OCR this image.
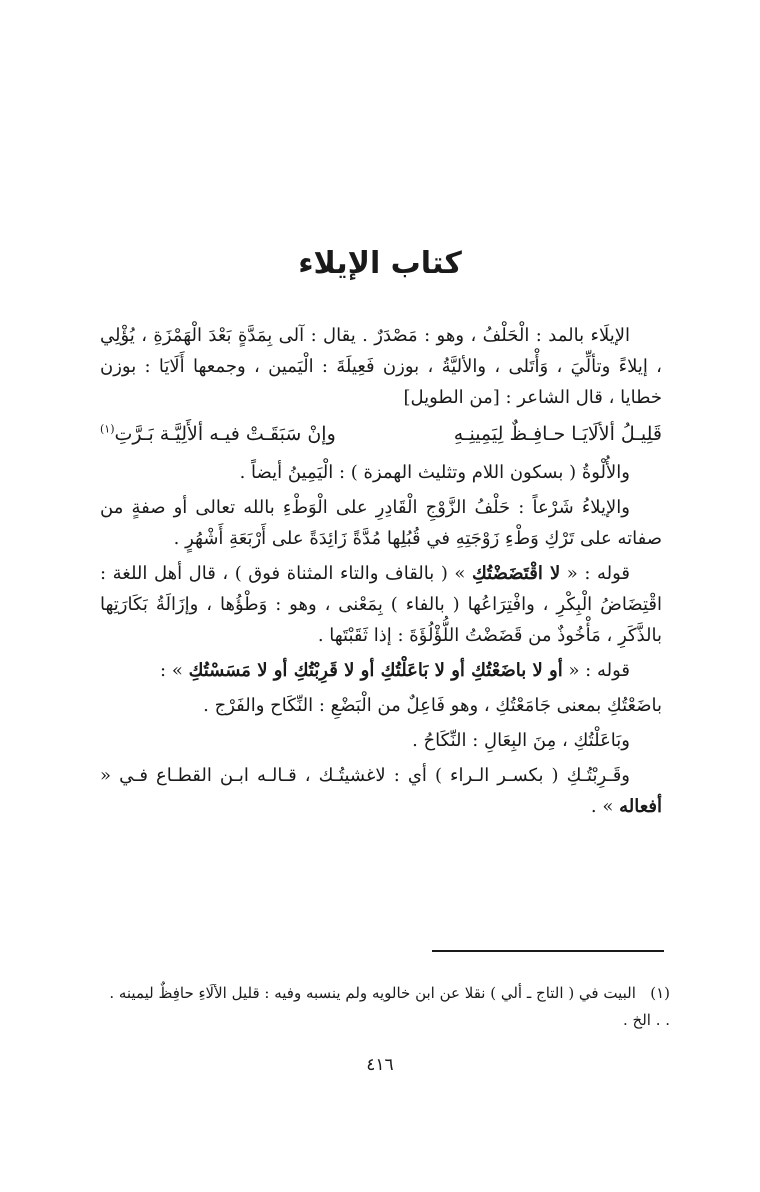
كتاب الإيلاء

الإيلَاء بالمد : الْحَلْفُ ، وهو : مَصْدَرٌ . يقال : آلى بِمَدَّةٍ بَعْدَ الْهَمْزَةِ ، يُؤْلِي ، إيلاءً وتألِّيَ ، وَأْتَلى ، والأليَّةُ ، بوزن فَعِيلَةَ : الْيَمين ، وجمعها أَلَايَا : بوزن خطايا ، قال الشاعر : [من الطويل]

قَلِيـلُ ألألَايَـا حـافِـظٌ لِيَمِينِـهِ
وإنْ سَبَقَـتْ فيـه ألأَلِيَّـة بَـرَّتِ$^{(١)}$

والأُلْوةُ ( بسكون اللام وتثليث الهمزة ) : الْيَمِينُ أيضاً .

والإيلاءُ شَرْعاً : حَلْفُ الزَّوْجِ الْقَادِرِ على الْوَطْءِ بالله تعالى أو صفةٍ من صفاته على تَرْكِ وَطْءِ زَوْجَتِهِ في قُبُلِها مُدَّةً زَائِدَةً على أَرْبَعَةِ أَشْهُرٍ .

قوله : « لا اقْتَضَضْتُكِ » ( بالقاف والتاء المثناة فوق ) ، قال أهل اللغة : اقْتِضَاضُ الْبِكْرِ ، وافْتِرَاعُها ( بالفاء ) بِمَعْنى ، وهو : وَطْؤُها ، وإزَالَةُ بَكَارَتِها بالذَّكَرِ ، مَأْخُوذٌ من قَضَضْتُ اللُّؤْلُؤَةَ : إذا ثَقَبْتَها .

قوله : « أو لا باضَعْتُكِ أو لا بَاعَلْتُكِ أو لا قَرِبْتُكِ أو لا مَسَسْتُكِ » :

باضَعْتُكِ بمعنى جَامَعْتُكِ ، وهو فَاعِلٌ من الْبَضْعِ : النِّكَاح والفَرْج .

وبَاعَلْتُكِ ، مِنَ البِعَالِ : النِّكَاحُ .

وقَـرِبْتُـكِ ( بكسـر الـراء ) أي : لاغشيتُـك ، قـالـه ابـن القطـاع فـي « أفعاله » .

(١)   البيت في ( التاج ـ ألي ) نقلا عن ابن خالويه ولم ينسبه وفيه : قليل الألَاءِ حافِظٌ ليمينه . . . الخ .

٤١٦
